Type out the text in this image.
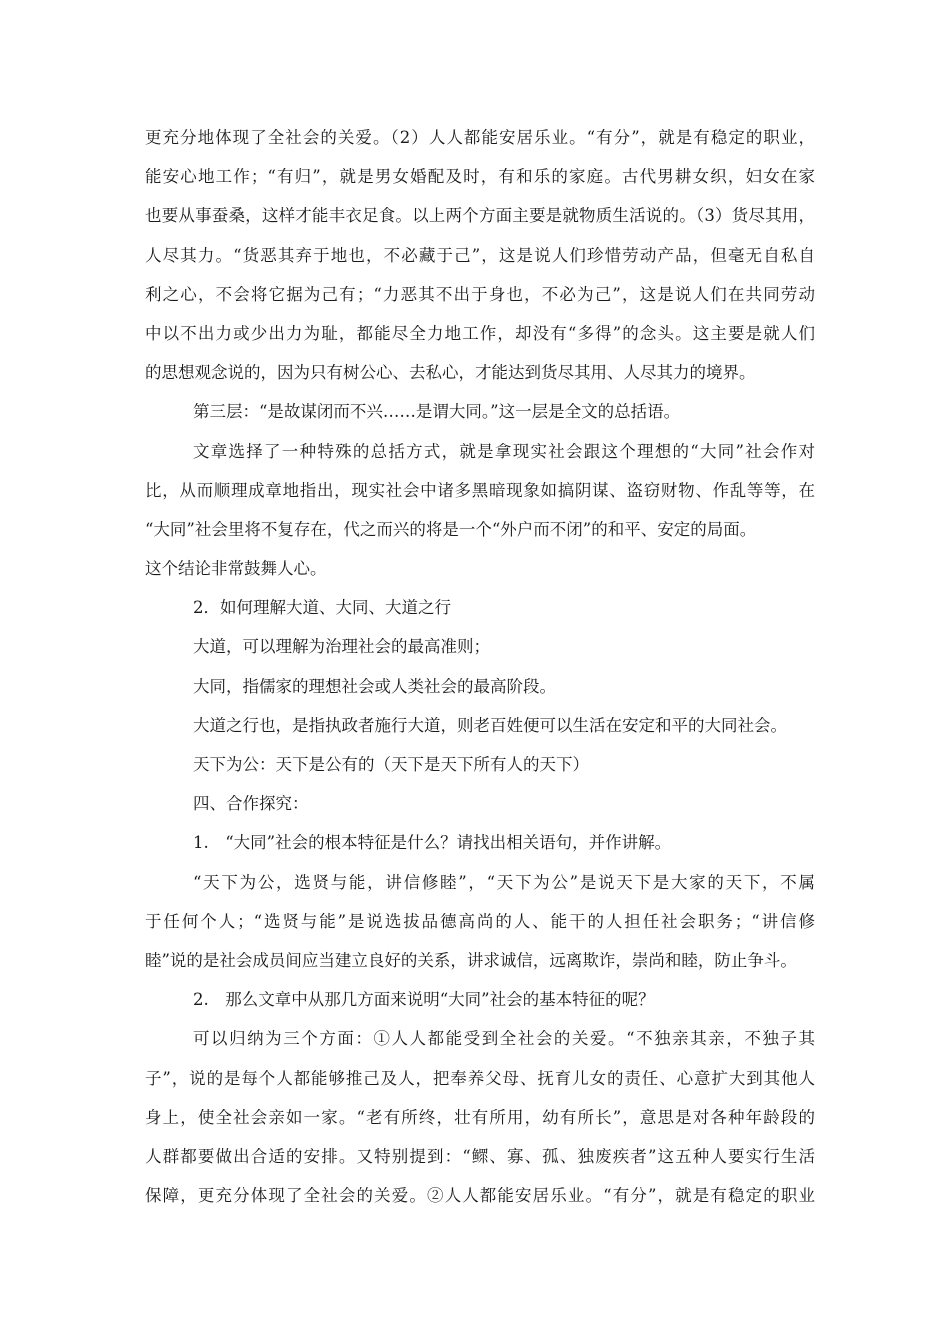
更充分地体现了全社会的关爱。（2）人人都能安居乐业。“有分”，就是有稳定的职业，
能安心地工作；“有归”，就是男女婚配及时，有和乐的家庭。古代男耕女织，妇女在家
也要从事蚕桑，这样才能丰衣足食。以上两个方面主要是就物质生活说的。（3）货尽其用，
人尽其力。“货恶其弃于地也，不必藏于己”，这是说人们珍惜劳动产品，但毫无自私自
利之心，不会将它据为己有；“力恶其不出于身也，不必为己”，这是说人们在共同劳动
中以不出力或少出力为耻，都能尽全力地工作，却没有“多得”的念头。这主要是就人们
的思想观念说的，因为只有树公心、去私心，才能达到货尽其用、人尽其力的境界。
第三层：“是故谋闭而不兴……是谓大同。”这一层是全文的总括语。
文章选择了一种特殊的总括方式，就是拿现实社会跟这个理想的“大同”社会作对
比，从而顺理成章地指出，现实社会中诸多黑暗现象如搞阴谋、盗窃财物、作乱等等，在
“大同”社会里将不复存在，代之而兴的将是一个“外户而不闭”的和平、安定的局面。
这个结论非常鼓舞人心。
2．如何理解大道、大同、大道之行
大道，可以理解为治理社会的最高准则；
大同，指儒家的理想社会或人类社会的最高阶段。
大道之行也，是指执政者施行大道，则老百姓便可以生活在安定和平的大同社会。
天下为公：天下是公有的（天下是天下所有人的天下）
四、合作探究：
1.　“大同”社会的根本特征是什么？请找出相关语句，并作讲解。
“天下为公，选贤与能，讲信修睦”，“天下为公”是说天下是大家的天下，不属
于任何个人；“选贤与能”是说选拔品德高尚的人、能干的人担任社会职务；“讲信修
睦”说的是社会成员间应当建立良好的关系，讲求诚信，远离欺诈，崇尚和睦，防止争斗。
2.　那么文章中从那几方面来说明“大同”社会的基本特征的呢？
可以归纳为三个方面：①人人都能受到全社会的关爱。“不独亲其亲，不独子其
子”，说的是每个人都能够推己及人，把奉养父母、抚育儿女的责任、心意扩大到其他人
身上，使全社会亲如一家。“老有所终，壮有所用，幼有所长”，意思是对各种年龄段的
人群都要做出合适的安排。又特别提到：“鳏、寡、孤、独废疾者”这五种人要实行生活
保障，更充分体现了全社会的关爱。②人人都能安居乐业。“有分”，就是有稳定的职业
